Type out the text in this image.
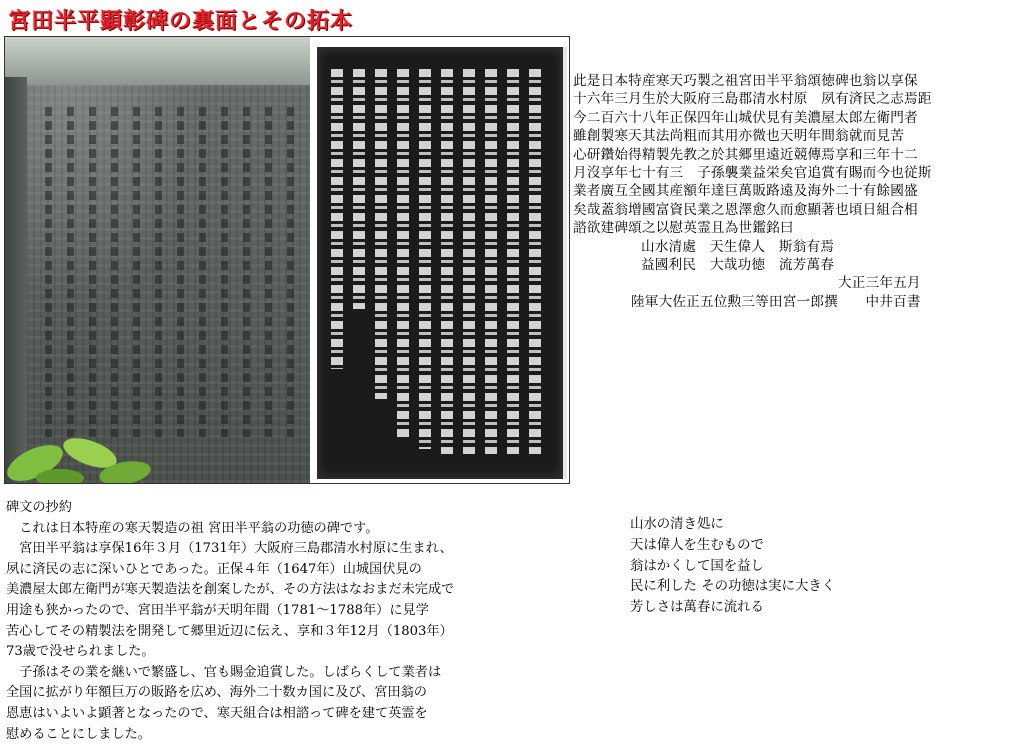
宮田半平顕彰碑の裏面とその拓本
此是日本特産寒天巧製之祖宮田半平翁頌徳碑也翁以享保
十六年三月生於大阪府三島郡清水村原　夙有済民之志焉距
今二百六十八年正保四年山城伏見有美濃屋太郎左衛門者
雖創製寒天其法尚粗而其用亦微也天明年間翁就而見苦
心研鑽始得精製先教之於其郷里遠近競傳焉享和三年十二
月沒享年七十有三　子孫襲業益栄矣官追賞有賜而今也従斯
業者廣互全國其産額年達巨萬販路遠及海外二十有餘國盛
矣哉蓋翁增國富資民業之恩澤愈久而愈顯著也頃日組合相
諮欲建碑頌之以慰英霊且為世鑑銘曰
山水清處　天生偉人　斯翁有焉
益國利民　大哉功徳　流芳萬春
大正三年五月
陸軍大佐正五位勲三等田宮一郎撰　　中井百書
碑文の抄約
　これは日本特産の寒天製造の祖 宮田半平翁の功徳の碑です。
　宮田半平翁は享保16年３月（1731年）大阪府三島郡清水村原に生まれ、
夙に済民の志に深いひとであった。正保４年（1647年）山城国伏見の
美濃屋太郎左衛門が寒天製造法を創案したが、その方法はなおまだ未完成で
用途も狭かったので、宮田半平翁が天明年間（1781～1788年）に見学
苦心してその精製法を開発して郷里近辺に伝え、享和３年12月（1803年）
73歳で没せられました。
　子孫はその業を継いで繁盛し、官も賜金追賞した。しばらくして業者は
全国に拡がり年額巨万の販路を広め、海外二十数カ国に及び、宮田翁の
恩恵はいよいよ顕著となったので、寒天組合は相諮って碑を建て英霊を
慰めることにしました。
山水の清き処に
天は偉人を生むもので
翁はかくして国を益し
民に利した その功徳は実に大きく
芳しさは萬春に流れる
